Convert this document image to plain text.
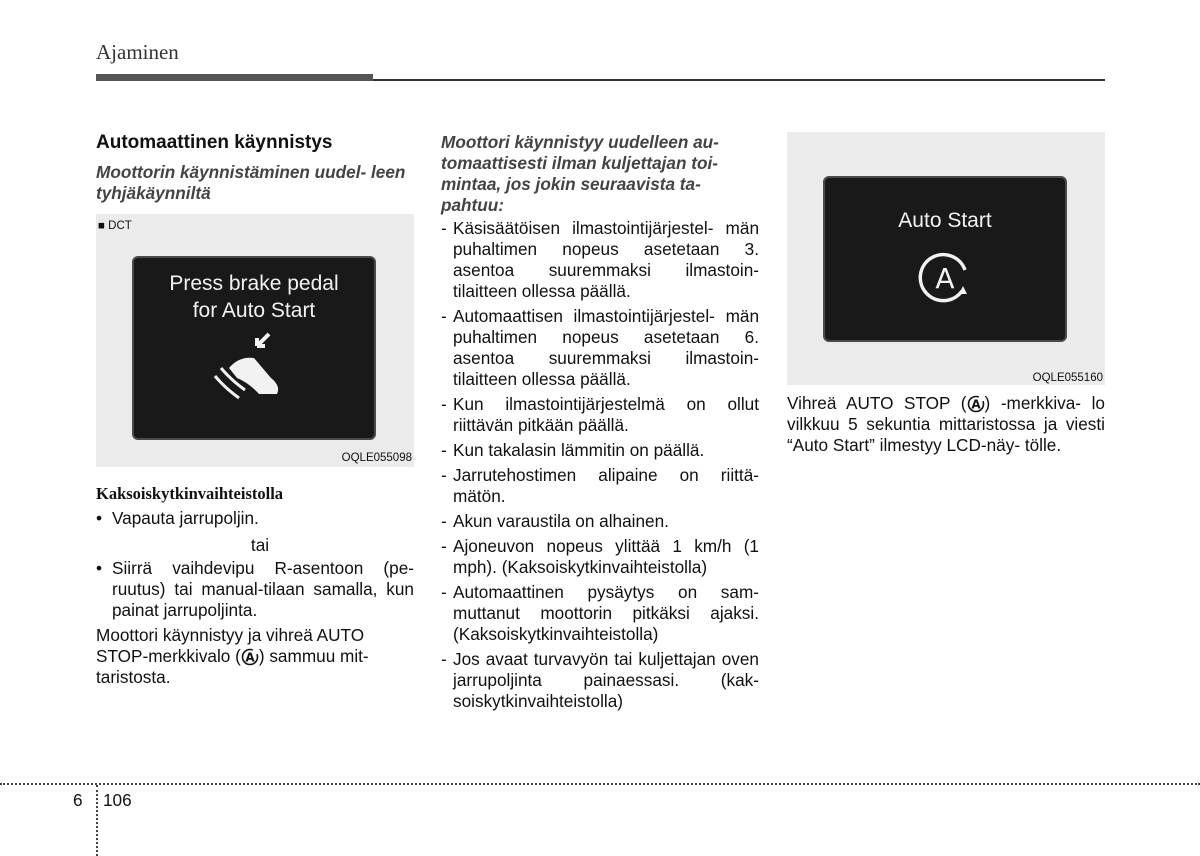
Ajaminen
Automaattinen käynnistys
Moottorin käynnistäminen uudel- leen tyhjäkäynniltä
■ DCT
Press brake pedal
for Auto Start
OQLE055098
Kaksoiskytkinvaihteistolla
• Vapauta jarrupoljin.
tai
• Siirrä vaihdevipu R-asentoon (pe- ruutus) tai manual-tilaan samalla, kun painat jarrupoljinta.
Moottori käynnistyy ja vihreä AUTO STOP-merkkivalo ( A ) sammuu mit- taristosta.
Moottori käynnistyy uudelleen au- tomaattisesti ilman kuljettajan toi- mintaa, jos jokin seuraavista ta- pahtuu:
- Käsisäätöisen ilmastointijärjestel- män puhaltimen nopeus asetetaan 3. asentoa suuremmaksi ilmastoin- tilaitteen ollessa päällä.
- Automaattisen ilmastointijärjestel- män puhaltimen nopeus asetetaan 6. asentoa suuremmaksi ilmastoin- tilaitteen ollessa päällä.
- Kun ilmastointijärjestelmä on ollut riittävän pitkään päällä.
- Kun takalasin lämmitin on päällä.
- Jarrutehostimen alipaine on riittä- mätön.
- Akun varaustila on alhainen.
- Ajoneuvon nopeus ylittää 1 km/h (1 mph). (Kaksoiskytkinvaihteistolla)
- Automaattinen pysäytys on sam- muttanut moottorin pitkäksi ajaksi. (Kaksoiskytkinvaihteistolla)
- Jos avaat turvavyön tai kuljettajan oven jarrupoljinta painaessasi. (kak- soiskytkinvaihteistolla)
Auto Start
A
OQLE055160
Vihreä AUTO STOP ( A ) -merkkiva- lo vilkkuu 5 sekuntia mittaristossa ja viesti “Auto Start” ilmestyy LCD-näy- tölle.
6 106
